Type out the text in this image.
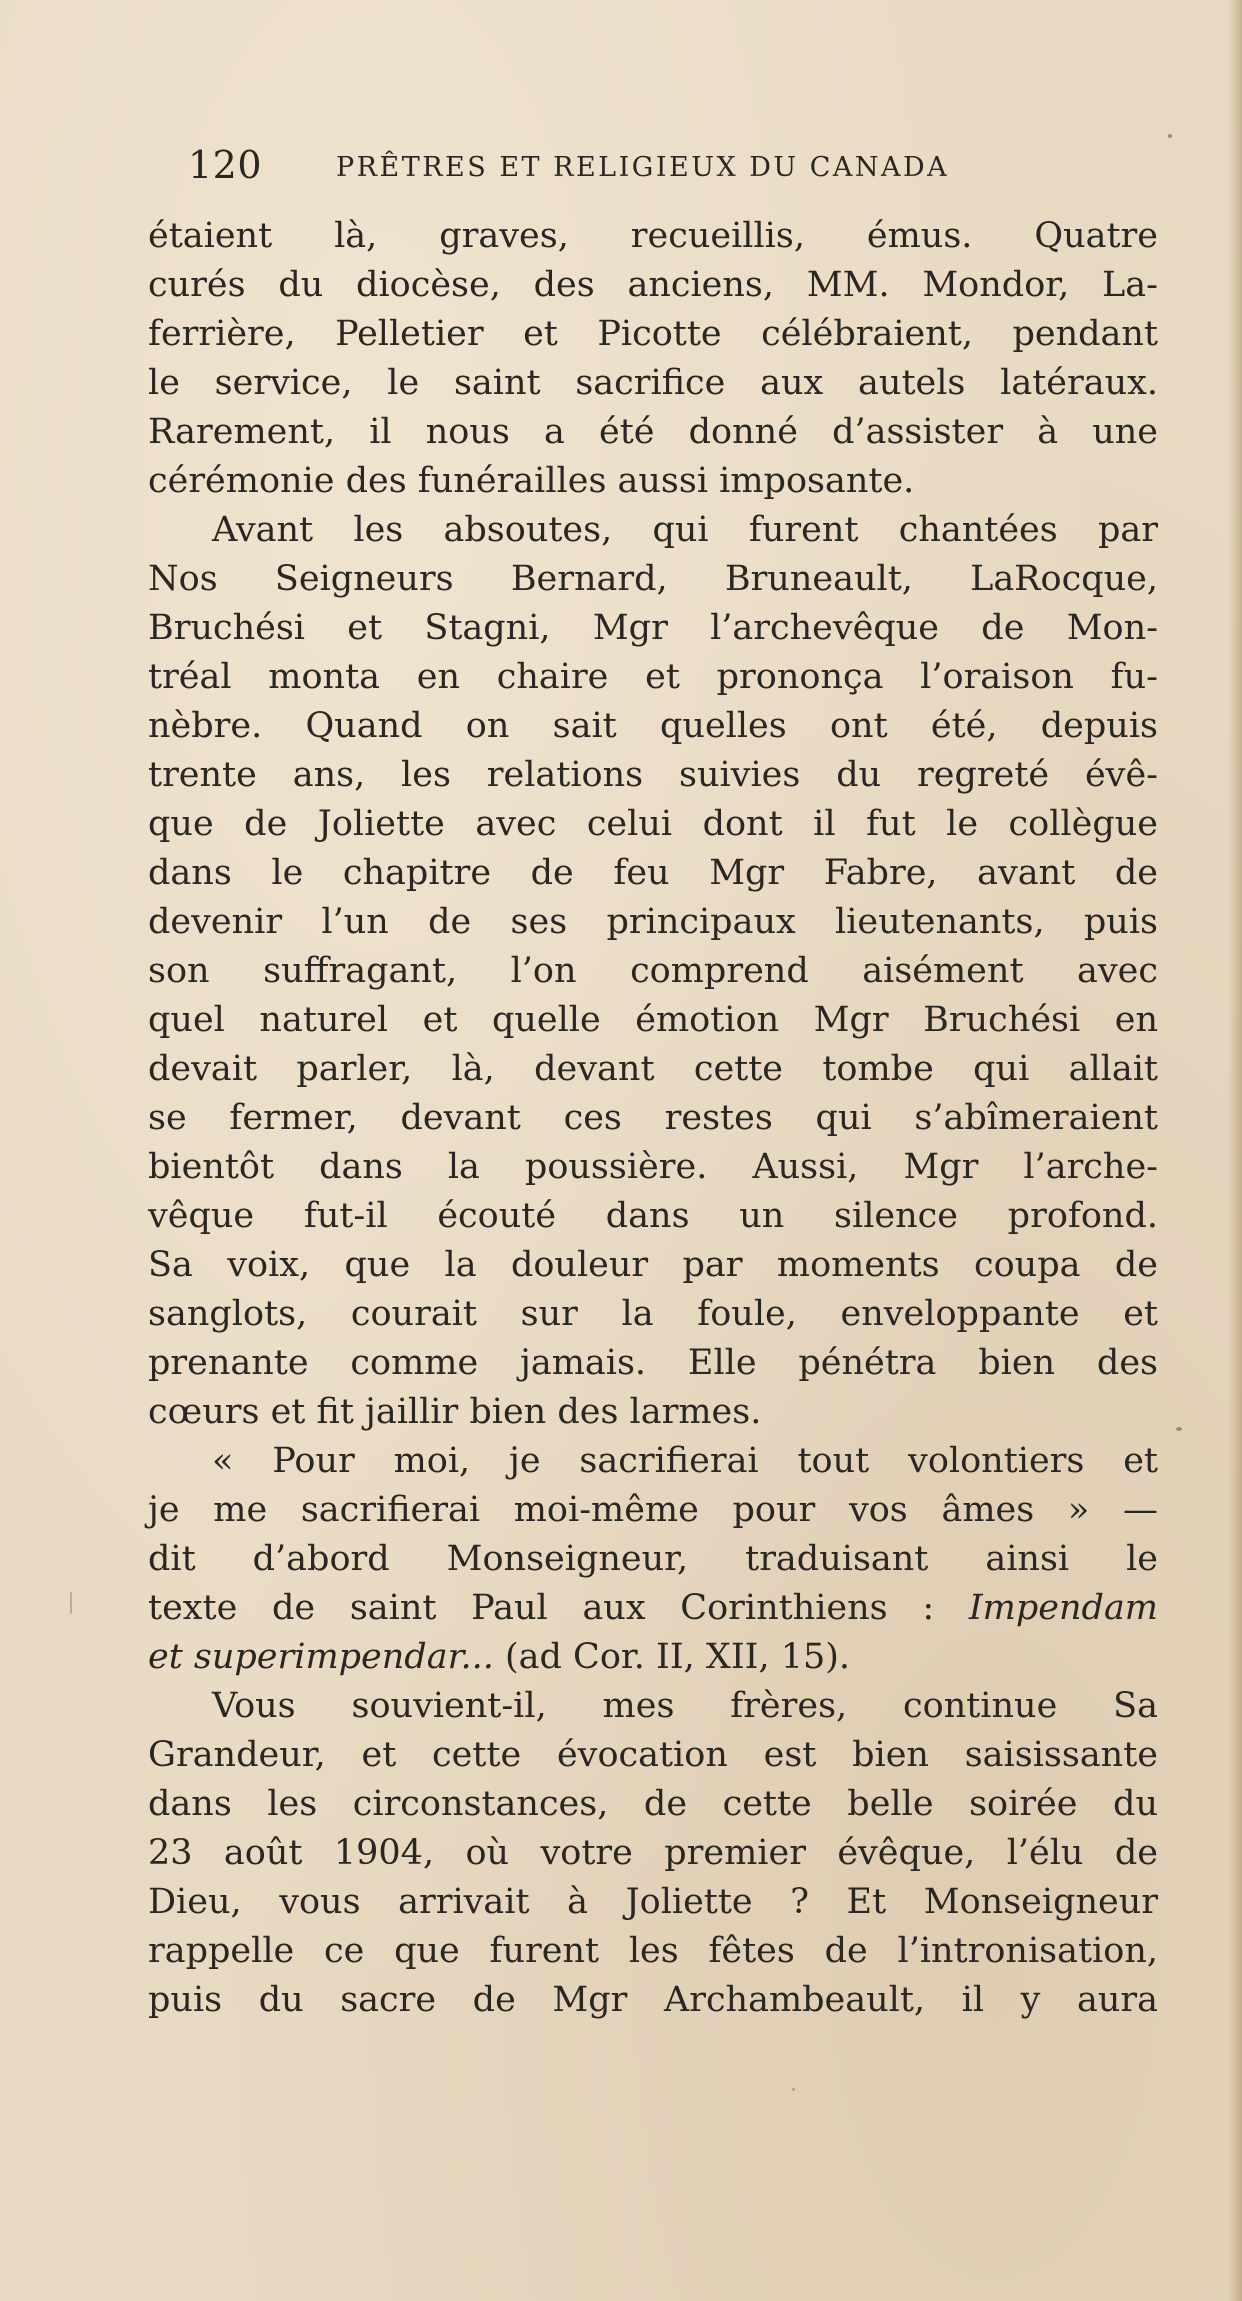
120	PRÊTRES ET RELIGIEUX DU CANADA
étaient là, graves, recueillis, émus. Quatre
curés du diocèse, des anciens, MM. Mondor, La-
ferrière, Pelletier et Picotte célébraient, pendant
le service, le saint sacrifice aux autels latéraux.
Rarement, il nous a été donné d’assister à une
cérémonie des funérailles aussi imposante.
Avant les absoutes, qui furent chantées par
Nos Seigneurs Bernard, Bruneault, LaRocque,
Bruchési et Stagni, Mgr l’archevêque de Mon-
tréal monta en chaire et prononça l’oraison fu-
nèbre. Quand on sait quelles ont été, depuis
trente ans, les relations suivies du regreté évê-
que de Joliette avec celui dont il fut le collègue
dans le chapitre de feu Mgr Fabre, avant de
devenir l’un de ses principaux lieutenants, puis
son suffragant, l’on comprend aisément avec
quel naturel et quelle émotion Mgr Bruchési en
devait parler, là, devant cette tombe qui allait
se fermer, devant ces restes qui s’abîmeraient
bientôt dans la poussière. Aussi, Mgr l’arche-
vêque fut-il écouté dans un silence profond.
Sa voix, que la douleur par moments coupa de
sanglots, courait sur la foule, enveloppante et
prenante comme jamais. Elle pénétra bien des
cœurs et fit jaillir bien des larmes.
« Pour moi, je sacrifierai tout volontiers et
je me sacrifierai moi-même pour vos âmes » —
dit d’abord Monseigneur, traduisant ainsi le
texte de saint Paul aux Corinthiens : Impendam
et superimpendar... (ad Cor. II, XII, 15).
Vous souvient-il, mes frères, continue Sa
Grandeur, et cette évocation est bien saisissante
dans les circonstances, de cette belle soirée du
23 août 1904, où votre premier évêque, l’élu de
Dieu, vous arrivait à Joliette ? Et Monseigneur
rappelle ce que furent les fêtes de l’intronisation,
puis du sacre de Mgr Archambeault, il y aura
